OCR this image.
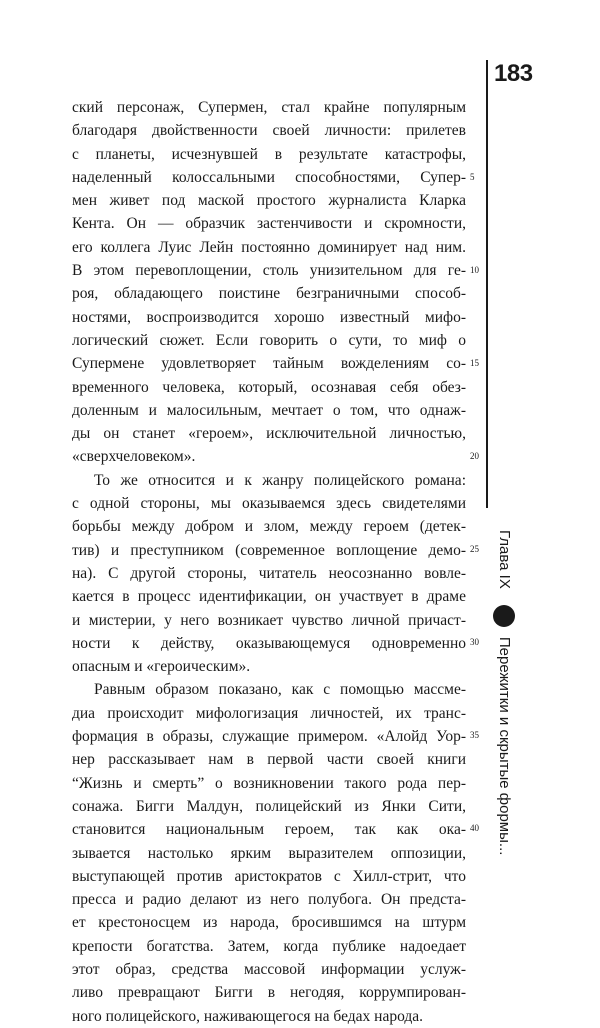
183
ский персонаж, Супермен, стал крайне популярным
благодаря двойственности своей личности: прилетев
с планеты, исчезнувшей в результате катастрофы,
наделенный колоссальными способностями, Супер-
мен живет под маской простого журналиста Кларка
Кента. Он — образчик застенчивости и скромности,
его коллега Луис Лейн постоянно доминирует над ним.
В этом перевоплощении, столь унизительном для ге-
роя, обладающего поистине безграничными способ-
ностями, воспроизводится хорошо известный мифо-
логический сюжет. Если говорить о сути, то миф о
Супермене удовлетворяет тайным вожделениям со-
временного человека, который, осознавая себя обез-
доленным и малосильным, мечтает о том, что однаж-
ды он станет «героем», исключительной личностью,
«сверхчеловеком».
То же относится и к жанру полицейского романа:
с одной стороны, мы оказываемся здесь свидетелями
борьбы между добром и злом, между героем (детек-
тив) и преступником (современное воплощение демо-
на). С другой стороны, читатель неосознанно вовле-
кается в процесс идентификации, он участвует в драме
и мистерии, у него возникает чувство личной причаст-
ности к действу, оказывающемуся одновременно
опасным и «героическим».
Равным образом показано, как с помощью массме-
диа происходит мифологизация личностей, их транс-
формация в образы, служащие примером. «Алойд Уор-
нер рассказывает нам в первой части своей книги
“Жизнь и смерть” о возникновении такого рода пер-
сонажа. Бигги Малдун, полицейский из Янки Сити,
становится национальным героем, так как ока-
зывается настолько ярким выразителем оппозиции,
выступающей против аристократов с Хилл-стрит, что
пресса и радио делают из него полубога. Он предста-
ет крестоносцем из народа, бросившимся на штурм
крепости богатства. Затем, когда публике надоедает
этот образ, средства массовой информации услуж-
ливо превращают Бигги в негодяя, коррумпирован-
ного полицейского, наживающегося на бедах народа.
5
10
15
20
25
30
35
40
Глава IX
Пережитки и скрытые формы...
